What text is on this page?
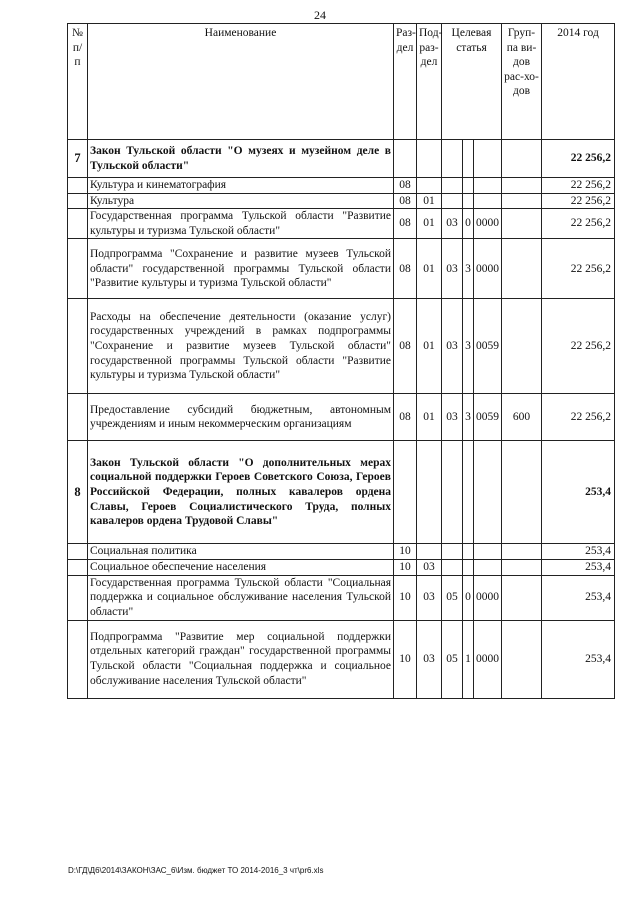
24
№ п/п	Наименование	Раз-дел	Под-раз-дел	Целевая статья			Груп-па ви-дов рас-хо-дов	2014 год
7	Закон Тульской области "О музеях и музейном деле в Тульской области"							22 256,2
	Культура и кинематография	08						22 256,2
	Культура	08	01					22 256,2
	Государственная программа Тульской области "Развитие культуры и туризма Тульской области"	08	01	03	0	0000		22 256,2
	Подпрограмма "Сохранение и развитие музеев Тульской области" государственной программы Тульской области "Развитие культуры и туризма Тульской области"	08	01	03	3	0000		22 256,2
	Расходы на обеспечение деятельности (оказание услуг) государственных учреждений в рамках подпрограммы "Сохранение и развитие музеев Тульской области" государственной программы Тульской области "Развитие культуры и туризма Тульской области"	08	01	03	3	0059		22 256,2
	Предоставление субсидий бюджетным, автономным учреждениям и иным некоммерческим организациям	08	01	03	3	0059	600	22 256,2
8	Закон Тульской области "О дополнительных мерах социальной поддержки Героев Советского Союза, Героев Российской Федерации, полных кавалеров ордена Славы, Героев Социалистического Труда, полных кавалеров ордена Трудовой Славы"							253,4
	Социальная политика	10						253,4
	Социальное обеспечение населения	10	03					253,4
	Государственная программа Тульской области "Социальная поддержка и социальное обслуживание населения Тульской области"	10	03	05	0	0000		253,4
	Подпрограмма "Развитие мер социальной поддержки отдельных категорий граждан" государственной программы Тульской области "Социальная поддержка и социальное обслуживание населения Тульской области"	10	03	05	1	0000		253,4
D:\ГД\Д6\2014\ЗАКОН\ЗАС_6\Изм. бюджет ТО 2014-2016_3 чт\pr6.xls
